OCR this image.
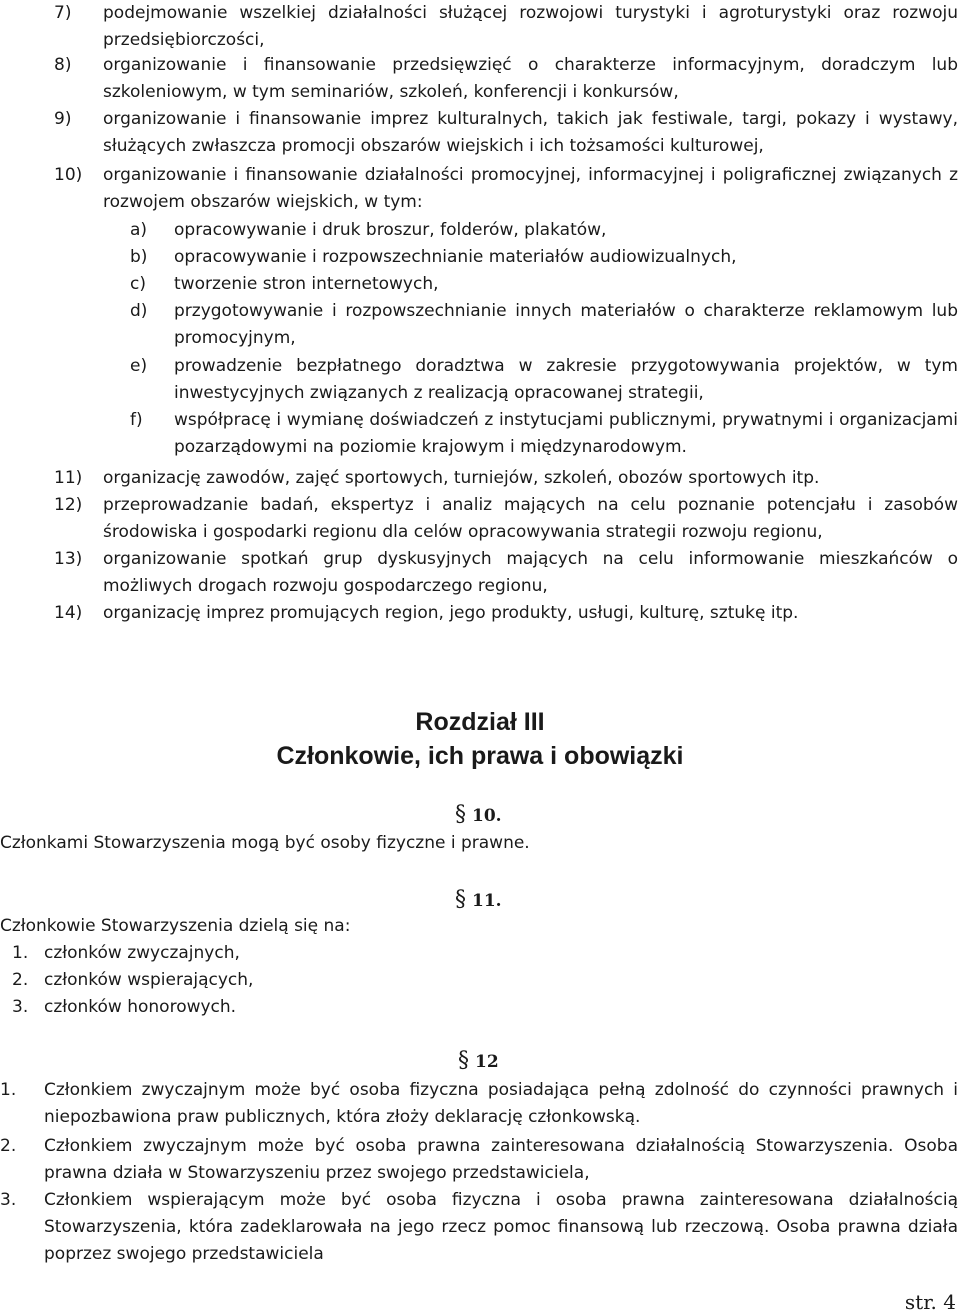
7) podejmowanie wszelkiej działalności służącej rozwojowi turystyki i agroturystyki oraz rozwoju przedsiębiorczości,
8) organizowanie i finansowanie przedsięwzięć o charakterze informacyjnym, doradczym lub szkoleniowym, w tym seminariów, szkoleń, konferencji i konkursów,
9) organizowanie i finansowanie imprez kulturalnych, takich jak festiwale, targi, pokazy i wystawy, służących zwłaszcza promocji obszarów wiejskich i ich tożsamości kulturowej,
10) organizowanie i finansowanie działalności promocyjnej, informacyjnej i poligraficznej związanych z rozwojem obszarów wiejskich, w tym:
a) opracowywanie i druk broszur, folderów, plakatów,
b) opracowywanie i rozpowszechnianie materiałów audiowizualnych,
c) tworzenie stron internetowych,
d) przygotowywanie i rozpowszechnianie innych materiałów o charakterze reklamowym lub promocyjnym,
e) prowadzenie bezpłatnego doradztwa w zakresie przygotowywania projektów, w tym inwestycyjnych związanych z realizacją opracowanej strategii,
f) współpracę i wymianę doświadczeń z instytucjami publicznymi, prywatnymi i organizacjami pozarządowymi na poziomie krajowym i międzynarodowym.
11) organizację zawodów, zajęć sportowych, turniejów, szkoleń, obozów sportowych itp.
12) przeprowadzanie badań, ekspertyz i analiz mających na celu poznanie potencjału i zasobów środowiska i gospodarki regionu dla celów opracowywania strategii rozwoju regionu,
13) organizowanie spotkań grup dyskusyjnych mających na celu informowanie mieszkańców o możliwych drogach rozwoju gospodarczego regionu,
14) organizację imprez promujących region, jego produkty, usługi, kulturę, sztukę itp.
Rozdział III
Członkowie, ich prawa i obowiązki
§ 10.
Członkami Stowarzyszenia mogą być osoby fizyczne i prawne.
§ 11.
Członkowie Stowarzyszenia dzielą się na:
1. członków zwyczajnych,
2. członków wspierających,
3. członków honorowych.
§ 12
1. Członkiem zwyczajnym może być osoba fizyczna posiadająca pełną zdolność do czynności prawnych i niepozbawiona praw publicznych, która złoży deklarację członkowską.
2. Członkiem zwyczajnym może być osoba prawna zainteresowana działalnością Stowarzyszenia. Osoba prawna działa w Stowarzyszeniu przez swojego przedstawiciela,
3. Członkiem wspierającym może być osoba fizyczna i osoba prawna zainteresowana działalnością Stowarzyszenia, która zadeklarowała na jego rzecz pomoc finansową lub rzeczową. Osoba prawna działa poprzez swojego przedstawiciela
str. 4
